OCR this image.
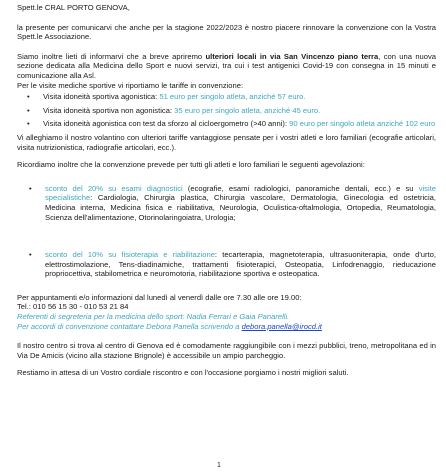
Spett.le CRAL PORTO GENOVA,

la presente per comunicarvi che anche per la stagione 2022/2023 è nostro piacere rinnovare la convenzione con la Vostra Spett.le Associazione.

Siamo inoltre lieti di informarvi che a breve apriremo ulteriori locali in via San Vincenzo piano terra, con una nuova sezione dedicata alla Medicina dello Sport e nuovi servizi, tra cui i test antigenici Covid-19 con consegna in 15 minuti e comunicazione alla Asl.

Per le visite mediche sportive vi riportiamo le tariffe in convenzione:

• Visita idoneità sportiva agonistica: 51 euro per singolo atleta, anziché 57 euro.
• Visita idoneità sportiva non agonistica: 35 euro per singolo atleta, anziché 45 euro.
• Visita idoneità agonistica con test da sforzo al cicloergometro (>40 anni): 90 euro per singolo atleta anziché 102 euro

Vi alleghiamo il nostro volantino con ulteriori tariffe vantaggiose pensate per i vostri atleti e loro familiari (ecografie articolari, visita nutrizionistica, radiografie articolari, ecc.).

Ricordiamo inoltre che la convenzione prevede per tutti gli atleti e loro familiari le seguenti agevolazioni:

• sconto del 20% su esami diagnostici (ecografie, esami radiologici, panoramiche dentali, ecc.) e su visite specialistiche: Cardiologia, Chirurgia plastica, Chirurgia vascolare, Dermatologia, Ginecologia ed ostetricia, Medicina interna, Medicina fisica e riabilitativa, Neurologia, Oculistica-oftalmologia, Ortopedia, Reumatologia, Scienza dell'alimentazione, Otorinolaringoiatra, Urologia;
• sconto del 10% su fisioterapia e riabilitazione: tecarterapia, magnetoterapia, ultrasuoniterapia, onde d'urto, elettrostimolazione, Tens-diadinamiche, trattamenti fisioterapici, Osteopatia, Linfodrenaggio, rieducazione propriocettiva, stabilometrica e neuromotoria, riabilitazione sportiva e osteopatica.

Per appuntamenti e/o informazioni dal lunedì al venerdì dalle ore 7.30 alle ore 19.00:

Tel.: 010 56 15 30 - 010 53 21 84

Referenti di segreteria per la medicina dello sport: Nadia Ferrari e Gaia Panarelli.

Per accordi di convenzione contattare Debora Panella scrivendo a debora.panella@irocd.it

Il nostro centro si trova al centro di Genova ed è comodamente raggiungibile con i mezzi pubblici, treno, metropolitana ed in Via De Amicis (vicino alla stazione Brignole) è accessibile un ampio parcheggio.

Restiamo in attesa di un Vostro cordiale riscontro e con l'occasione porgiamo i nostri migliori saluti.

1
